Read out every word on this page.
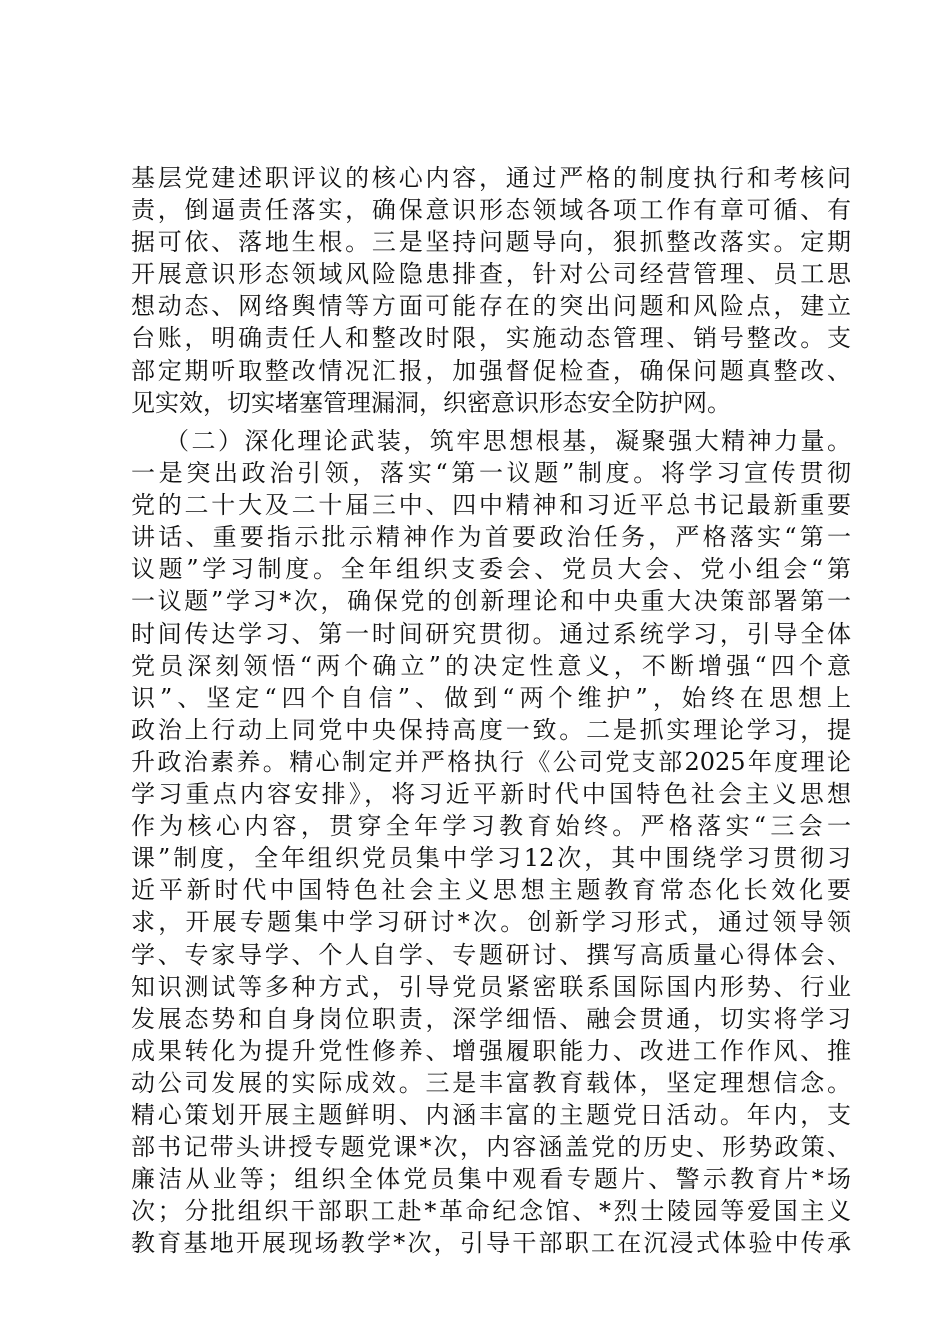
基层党建述职评议的核心内容，通过严格的制度执行和考核问
责，倒逼责任落实，确保意识形态领域各项工作有章可循、有
据可依、落地生根。三是坚持问题导向，狠抓整改落实。定期
开展意识形态领域风险隐患排查，针对公司经营管理、员工思
想动态、网络舆情等方面可能存在的突出问题和风险点，建立
台账，明确责任人和整改时限，实施动态管理、销号整改。支
部定期听取整改情况汇报，加强督促检查，确保问题真整改、
见实效，切实堵塞管理漏洞，织密意识形态安全防护网。
（二）深化理论武装，筑牢思想根基，凝聚强大精神力量。
一是突出政治引领，落实“第一议题”制度。将学习宣传贯彻
党的二十大及二十届三中、四中精神和习近平总书记最新重要
讲话、重要指示批示精神作为首要政治任务，严格落实“第一
议题”学习制度。全年组织支委会、党员大会、党小组会“第
一议题”学习*次，确保党的创新理论和中央重大决策部署第一
时间传达学习、第一时间研究贯彻。通过系统学习，引导全体
党员深刻领悟“两个确立”的决定性意义，不断增强“四个意
识”、坚定“四个自信”、做到“两个维护”，始终在思想上
政治上行动上同党中央保持高度一致。二是抓实理论学习，提
升政治素养。精心制定并严格执行《公司党支部2025年度理论
学习重点内容安排》，将习近平新时代中国特色社会主义思想
作为核心内容，贯穿全年学习教育始终。严格落实“三会一
课”制度，全年组织党员集中学习12次，其中围绕学习贯彻习
近平新时代中国特色社会主义思想主题教育常态化长效化要
求，开展专题集中学习研讨*次。创新学习形式，通过领导领
学、专家导学、个人自学、专题研讨、撰写高质量心得体会、
知识测试等多种方式，引导党员紧密联系国际国内形势、行业
发展态势和自身岗位职责，深学细悟、融会贯通，切实将学习
成果转化为提升党性修养、增强履职能力、改进工作作风、推
动公司发展的实际成效。三是丰富教育载体，坚定理想信念。
精心策划开展主题鲜明、内涵丰富的主题党日活动。年内，支
部书记带头讲授专题党课*次，内容涵盖党的历史、形势政策、
廉洁从业等；组织全体党员集中观看专题片、警示教育片*场
次；分批组织干部职工赴*革命纪念馆、*烈士陵园等爱国主义
教育基地开展现场教学*次，引导干部职工在沉浸式体验中传承
